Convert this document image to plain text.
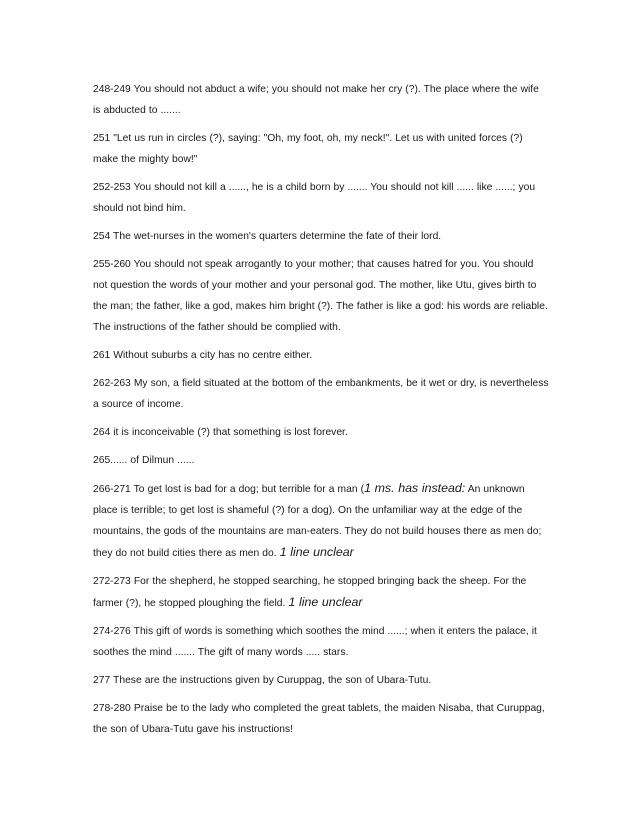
248-249 You should not abduct a wife; you should not make her cry (?). The place where the wife is abducted to .......

251 "Let us run in circles (?), saying: "Oh, my foot, oh, my neck!". Let us with united forces (?) make the mighty bow!"

252-253 You should not kill a ......, he is a child born by ....... You should not kill ...... like ......; you should not bind him.

254 The wet-nurses in the women's quarters determine the fate of their lord.

255-260 You should not speak arrogantly to your mother; that causes hatred for you. You should not question the words of your mother and your personal god. The mother, like Utu, gives birth to the man; the father, like a god, makes him bright (?). The father is like a god: his words are reliable. The instructions of the father should be complied with.

261 Without suburbs a city has no centre either.

262-263 My son, a field situated at the bottom of the embankments, be it wet or dry, is nevertheless a source of income.

264 it is inconceivable (?) that something is lost forever.

265...... of Dilmun ......

266-271 To get lost is bad for a dog; but terrible for a man (1 ms. has instead: An unknown place is terrible; to get lost is shameful (?) for a dog). On the unfamiliar way at the edge of the mountains, the gods of the mountains are man-eaters. They do not build houses there as men do; they do not build cities there as men do. 1 line unclear

272-273 For the shepherd, he stopped searching, he stopped bringing back the sheep. For the farmer (?), he stopped ploughing the field. 1 line unclear

274-276 This gift of words is something which soothes the mind ......; when it enters the palace, it soothes the mind ....... The gift of many words ..... stars.

277 These are the instructions given by Curuppag, the son of Ubara-Tutu.

278-280 Praise be to the lady who completed the great tablets, the maiden Nisaba, that Curuppag, the son of Ubara-Tutu gave his instructions!
